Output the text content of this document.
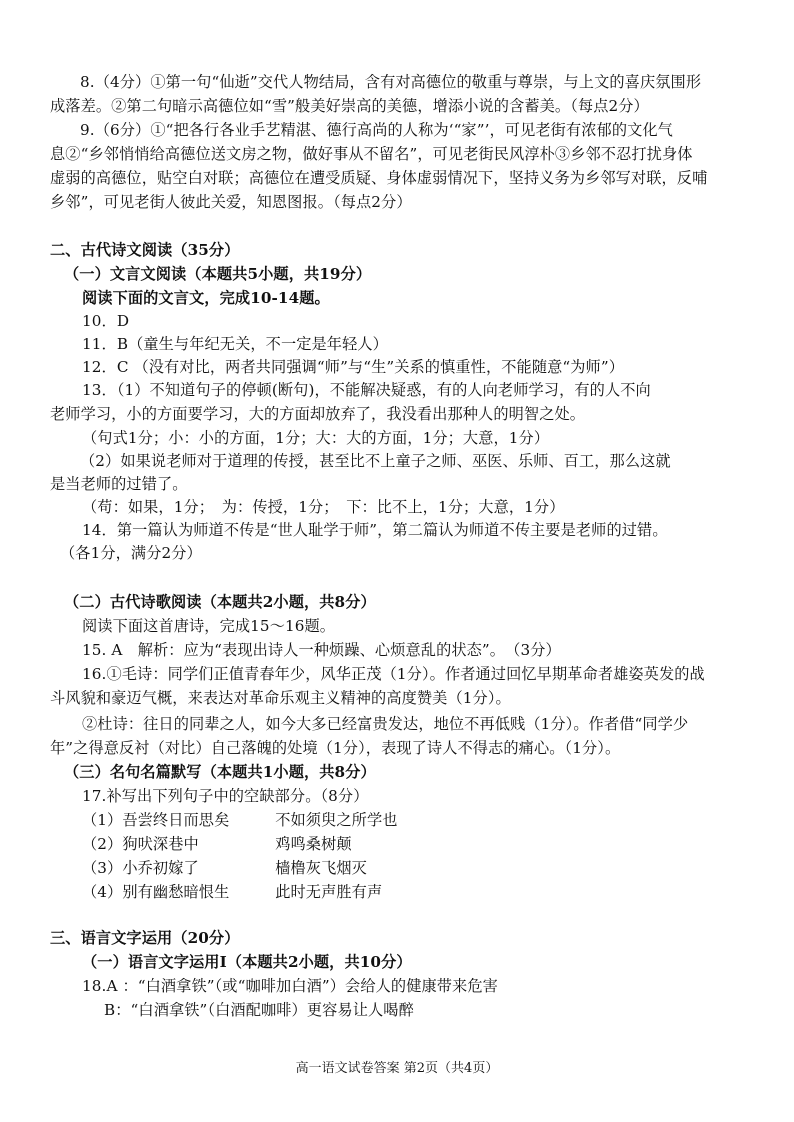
8.（4分）①第一句“仙逝”交代人物结局，含有对高德位的敬重与尊崇，与上文的喜庆氛围形
成落差。②第二句暗示高德位如“雪”般美好崇高的美德，增添小说的含蓄美。（每点2分）
9.（6分）①“把各行各业手艺精湛、德行高尚的人称为‘“家”’，可见老街有浓郁的文化气
息②“乡邻悄悄给高德位送文房之物，做好事从不留名”，可见老街民风淳朴③乡邻不忍打扰身体
虚弱的高德位，贴空白对联；高德位在遭受质疑、身体虚弱情况下，坚持义务为乡邻写对联，反哺
乡邻”，可见老街人彼此关爱，知恩图报。（每点2分）
二、古代诗文阅读（35分）
（一）文言文阅读（本题共5小题，共19分）
阅读下面的文言文，完成10-14题。
10．D
11．B（童生与年纪无关，不一定是年轻人）
12．C （没有对比，两者共同强调“师”与“生”关系的慎重性，不能随意“为师”）
13．（1）不知道句子的停顿(断句)，不能解决疑惑，有的人向老师学习，有的人不向
老师学习，小的方面要学习，大的方面却放弃了，我没看出那种人的明智之处。
（句式1分；小：小的方面，1分；大：大的方面，1分；大意，1分）
（2）如果说老师对于道理的传授，甚至比不上童子之师、巫医、乐师、百工，那么这就
是当老师的过错了。
（苟：如果，1分；　为：传授，1分；　下：比不上，1分；大意，1分）
14．第一篇认为师道不传是“世人耻学于师”，第二篇认为师道不传主要是老师的过错。
（各1分，满分2分）
（二）古代诗歌阅读（本题共2小题，共8分）
阅读下面这首唐诗，完成15～16题。
15. A　解析：应为“表现出诗人一种烦躁、心烦意乱的状态”。　（3分）
16.①毛诗：同学们正值青春年少，风华正茂（1分）。作者通过回忆早期革命者雄姿英发的战
斗风貌和豪迈气概，来表达对革命乐观主义精神的高度赞美（1分）。
②杜诗：往日的同辈之人，如今大多已经富贵发达，地位不再低贱（1分）。作者借“同学少
年”之得意反衬（对比）自己落魄的处境（1分），表现了诗人不得志的痛心。（1分）。
（三）名句名篇默写（本题共1小题，共8分）
17.补写出下列句子中的空缺部分。（8分）
（1）吾尝终日而思矣　　　不如须臾之所学也
（2）狗吠深巷中　　　　　鸡鸣桑树颠
（3）小乔初嫁了　　　　　樯橹灰飞烟灭
（4）别有幽愁暗恨生　　　此时无声胜有声
三、语言文字运用（20分）
（一）语言文字运用Ⅰ（本题共2小题，共10分）
18.A ：“白酒拿铁”（或“咖啡加白酒”）会给人的健康带来危害
B：“白酒拿铁”（白酒配咖啡）更容易让人喝醉
高一语文试卷答案 第2页（共4页）
